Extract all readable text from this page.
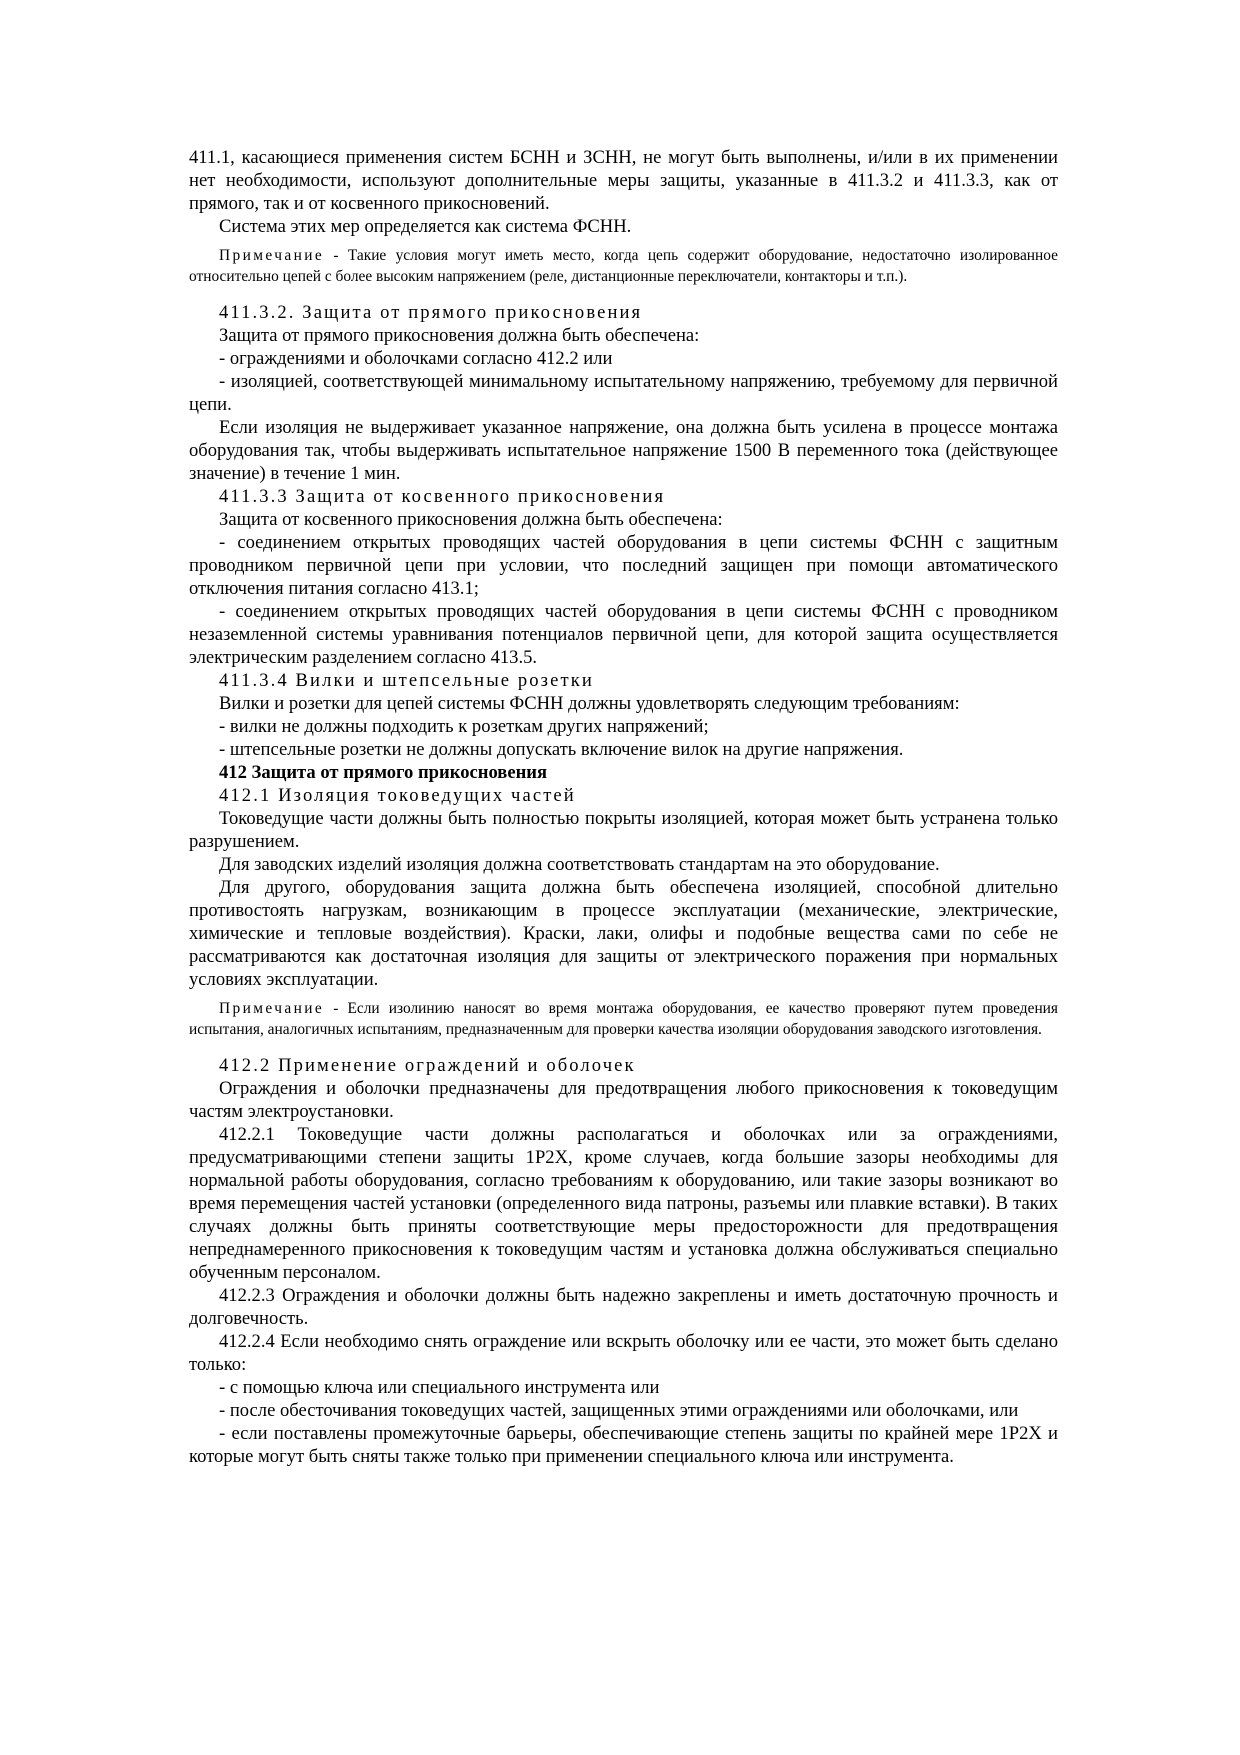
411.1, касающиеся применения систем БСНН и ЗСНН, не могут быть выполнены, и/или в их применении нет необходимости, используют дополнительные меры защиты, указанные в 411.3.2 и 411.3.3, как от прямого, так и от косвенного прикосновений.

Система этих мер определяется как система ФСНН.

Примечание - Такие условия могут иметь место, когда цепь содержит оборудование, недостаточно изолированное относительно цепей с более высоким напряжением (реле, дистанционные переключатели, контакторы и т.п.).

411.3.2. Защита от прямого прикосновения

Защита от прямого прикосновения должна быть обеспечена:

- ограждениями и оболочками согласно 412.2 или

- изоляцией, соответствующей минимальному испытательному напряжению, требуемому для первичной цепи.

Если изоляция не выдерживает указанное напряжение, она должна быть усилена в процессе монтажа оборудования так, чтобы выдерживать испытательное напряжение 1500 В переменного тока (действующее значение) в течение 1 мин.

411.3.3 Защита от косвенного прикосновения

Защита от косвенного прикосновения должна быть обеспечена:

- соединением открытых проводящих частей оборудования в цепи системы ФСНН с защитным проводником первичной цепи при условии, что последний защищен при помощи автоматического отключения питания согласно 413.1;

- соединением открытых проводящих частей оборудования в цепи системы ФСНН с проводником незаземленной системы уравнивания потенциалов первичной цепи, для которой защита осуществляется электрическим разделением согласно 413.5.

411.3.4 Вилки и штепсельные розетки

Вилки и розетки для цепей системы ФСНН должны удовлетворять следующим требованиям:

- вилки не должны подходить к розеткам других напряжений;

- штепсельные розетки не должны допускать включение вилок на другие напряжения.

412 Защита от прямого прикосновения

412.1 Изоляция токоведущих частей

Токоведущие части должны быть полностью покрыты изоляцией, которая может быть устранена только разрушением.

Для заводских изделий изоляция должна соответствовать стандартам на это оборудование.

Для другого, оборудования защита должна быть обеспечена изоляцией, способной длительно противостоять нагрузкам, возникающим в процессе эксплуатации (механические, электрические, химические и тепловые воздействия). Краски, лаки, олифы и подобные вещества сами по себе не рассматриваются как достаточная изоляция для защиты от электрического поражения при нормальных условиях эксплуатации.

Примечание - Если изолинию наносят во время монтажа оборудования, ее качество проверяют путем проведения испытания, аналогичных испытаниям, предназначенным для проверки качества изоляции оборудования заводского изготовления.

412.2 Применение ограждений и оболочек

Ограждения и оболочки предназначены для предотвращения любого прикосновения к токоведущим частям электроустановки.

412.2.1 Токоведущие части должны располагаться и оболочках или за ограждениями, предусматривающими степени защиты 1P2X, кроме случаев, когда большие зазоры необходимы для нормальной работы оборудования, согласно требованиям к оборудованию, или такие зазоры возникают во время перемещения частей установки (определенного вида патроны, разъемы или плавкие вставки). В таких случаях должны быть приняты соответствующие меры предосторожности для предотвращения непреднамеренного прикосновения к токоведущим частям и установка должна обслуживаться специально обученным персоналом.

412.2.3 Ограждения и оболочки должны быть надежно закреплены и иметь достаточную прочность и долговечность.

412.2.4 Если необходимо снять ограждение или вскрыть оболочку или ее части, это может быть сделано только:

- с помощью ключа или специального инструмента или

- после обесточивания токоведущих частей, защищенных этими ограждениями или оболочками, или

- если поставлены промежуточные барьеры, обеспечивающие степень защиты по крайней мере 1P2X и которые могут быть сняты также только при применении специального ключа или инструмента.
